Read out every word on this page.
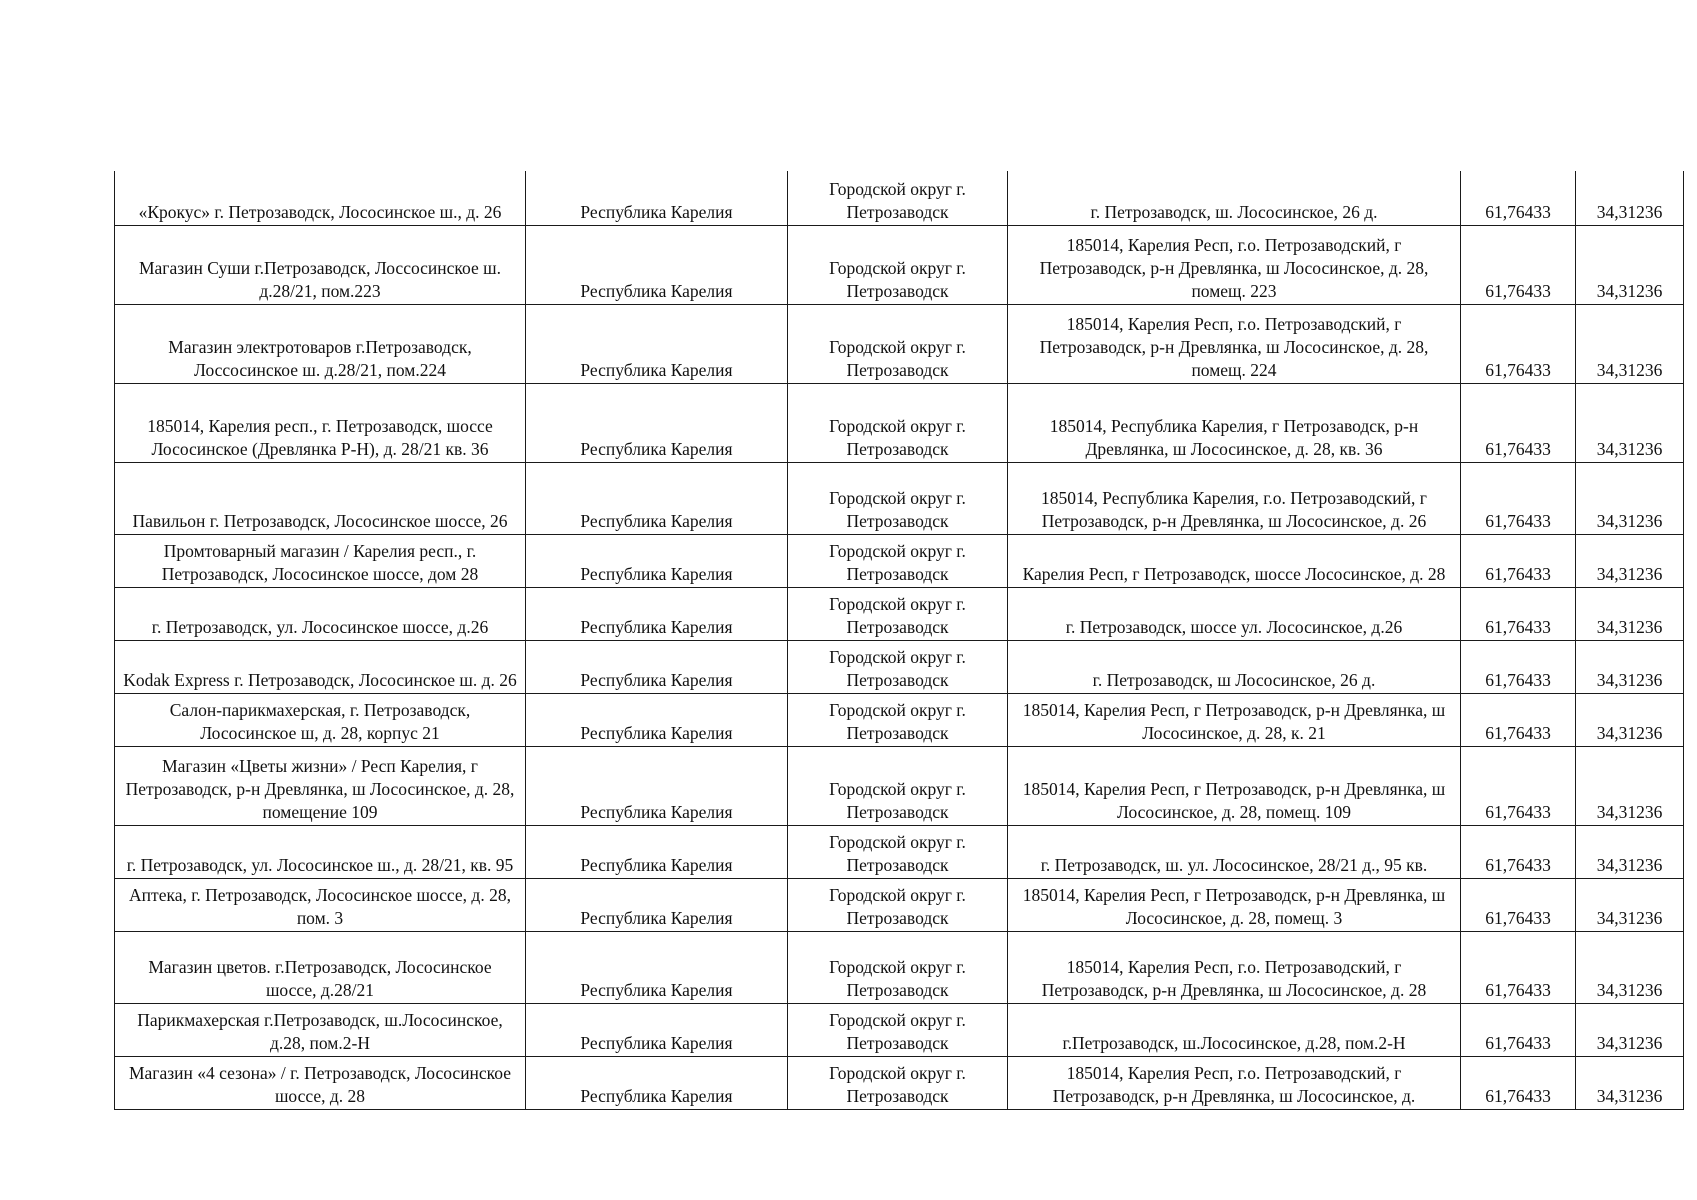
«Крокус» г. Петрозаводск, Лососинское ш., д. 26	Республика Карелия	Городской округ г. Петрозаводск	г. Петрозаводск, ш. Лососинское, 26 д.	61,76433	34,31236
Магазин Суши г.Петрозаводск, Лоссосинское ш. д.28/21, пом.223	Республика Карелия	Городской округ г. Петрозаводск	185014, Карелия Респ, г.о. Петрозаводский, г Петрозаводск, р-н Древлянка, ш Лососинское, д. 28, помещ. 223	61,76433	34,31236
Магазин электротоваров г.Петрозаводск, Лоссосинское ш. д.28/21, пом.224	Республика Карелия	Городской округ г. Петрозаводск	185014, Карелия Респ, г.о. Петрозаводский, г Петрозаводск, р-н Древлянка, ш Лососинское, д. 28, помещ. 224	61,76433	34,31236
185014, Карелия респ., г. Петрозаводск, шоссе Лососинское (Древлянка Р-Н), д. 28/21 кв. 36	Республика Карелия	Городской округ г. Петрозаводск	185014, Республика Карелия, г Петрозаводск, р-н Древлянка, ш Лососинское, д. 28, кв. 36	61,76433	34,31236
Павильон г. Петрозаводск, Лососинское шоссе, 26	Республика Карелия	Городской округ г. Петрозаводск	185014, Республика Карелия, г.о. Петрозаводский, г Петрозаводск, р-н Древлянка, ш Лососинское, д. 26	61,76433	34,31236
Промтоварный магазин / Карелия респ., г. Петрозаводск, Лососинское шоссе, дом 28	Республика Карелия	Городской округ г. Петрозаводск	Карелия Респ, г Петрозаводск, шоссе Лососинское, д. 28	61,76433	34,31236
г. Петрозаводск, ул. Лососинское шоссе, д.26	Республика Карелия	Городской округ г. Петрозаводск	г. Петрозаводск, шоссе ул. Лососинское, д.26	61,76433	34,31236
Kodak Express г. Петрозаводск, Лососинское ш. д. 26	Республика Карелия	Городской округ г. Петрозаводск	г. Петрозаводск, ш Лососинское, 26 д.	61,76433	34,31236
Салон-парикмахерская, г. Петрозаводск, Лососинское ш, д. 28, корпус 21	Республика Карелия	Городской округ г. Петрозаводск	185014, Карелия Респ, г Петрозаводск, р-н Древлянка, ш Лососинское, д. 28, к. 21	61,76433	34,31236
Магазин «Цветы жизни» / Респ Карелия, г Петрозаводск, р-н Древлянка, ш Лососинское, д. 28, помещение 109	Республика Карелия	Городской округ г. Петрозаводск	185014, Карелия Респ, г Петрозаводск, р-н Древлянка, ш Лососинское, д. 28, помещ. 109	61,76433	34,31236
г. Петрозаводск, ул. Лососинское ш., д. 28/21, кв. 95	Республика Карелия	Городской округ г. Петрозаводск	г. Петрозаводск, ш. ул. Лососинское, 28/21 д., 95 кв.	61,76433	34,31236
Аптека, г. Петрозаводск, Лососинское шоссе, д. 28, пом. 3	Республика Карелия	Городской округ г. Петрозаводск	185014, Карелия Респ, г Петрозаводск, р-н Древлянка, ш Лососинское, д. 28, помещ. 3	61,76433	34,31236
Магазин цветов. г.Петрозаводск, Лососинское шоссе, д.28/21	Республика Карелия	Городской округ г. Петрозаводск	185014, Карелия Респ, г.о. Петрозаводский, г Петрозаводск, р-н Древлянка, ш Лососинское, д. 28	61,76433	34,31236
Парикмахерская г.Петрозаводск, ш.Лососинское, д.28, пом.2-Н	Республика Карелия	Городской округ г. Петрозаводск	г.Петрозаводск, ш.Лососинское, д.28, пом.2-Н	61,76433	34,31236
Магазин «4 сезона» / г. Петрозаводск, Лососинское шоссе, д. 28	Республика Карелия	Городской округ г. Петрозаводск	185014, Карелия Респ, г.о. Петрозаводский, г Петрозаводск, р-н Древлянка, ш Лососинское, д.	61,76433	34,31236
